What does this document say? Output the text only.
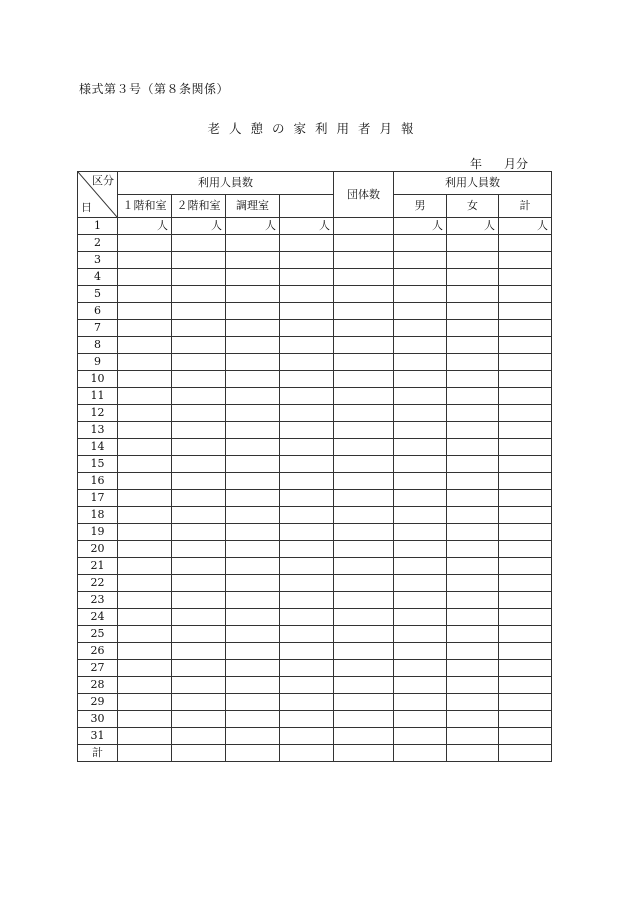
様式第３号（第８条関係）
老人憩の家利用者月報
年 月分
区分
日	利用人員数				団体数	利用人員数		
	１階和室	２階和室	調理室			男	女	計
1	人	人	人	人		人	人	人
2								
3								
4								
5								
6								
7								
8								
9								
10								
11								
12								
13								
14								
15								
16								
17								
18								
19								
20								
21								
22								
23								
24								
25								
26								
27								
28								
29								
30								
31								
計								
